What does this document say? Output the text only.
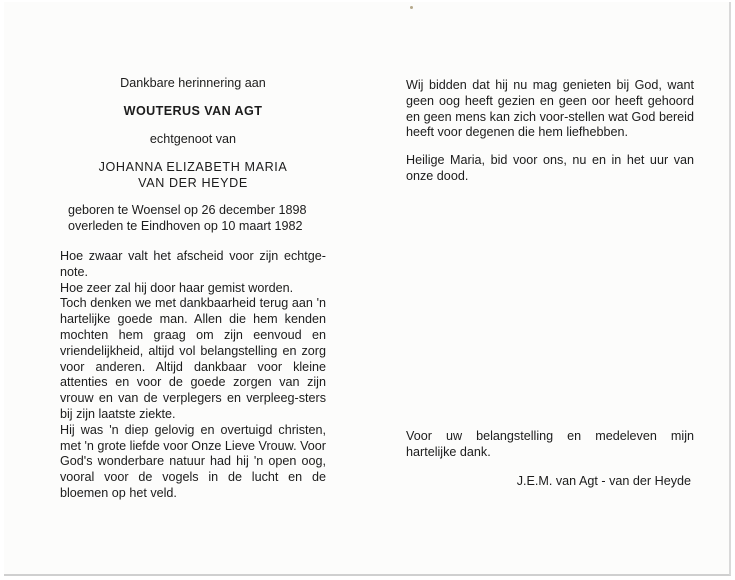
Dankbare herinnering aan
WOUTERUS VAN AGT
echtgenoot van
JOHANNA ELIZABETH MARIA
VAN DER HEYDE
geboren te Woensel op 26 december 1898
overleden te Eindhoven op 10 maart 1982

Hoe zwaar valt het afscheid voor zijn echtge-note.

Hoe zeer zal hij door haar gemist worden.

Toch denken we met dankbaarheid terug aan 'n hartelijke goede man. Allen die hem kenden mochten hem graag om zijn eenvoud en vriendelijkheid, altijd vol belangstelling en zorg voor anderen. Altijd dankbaar voor kleine attenties en voor de goede zorgen van zijn vrouw en van de verplegers en verpleeg-sters bij zijn laatste ziekte.

Hij was 'n diep gelovig en overtuigd christen, met 'n grote liefde voor Onze Lieve Vrouw. Voor God's wonderbare natuur had hij 'n open oog, vooral voor de vogels in de lucht en de bloemen op het veld.

Wij bidden dat hij nu mag genieten bij God, want geen oog heeft gezien en geen oor heeft gehoord en geen mens kan zich voor-stellen wat God bereid heeft voor degenen die hem liefhebben.

Heilige Maria, bid voor ons, nu en in het uur van onze dood.

Voor uw belangstelling en medeleven mijn hartelijke dank.
J.E.M. van Agt - van der Heyde
